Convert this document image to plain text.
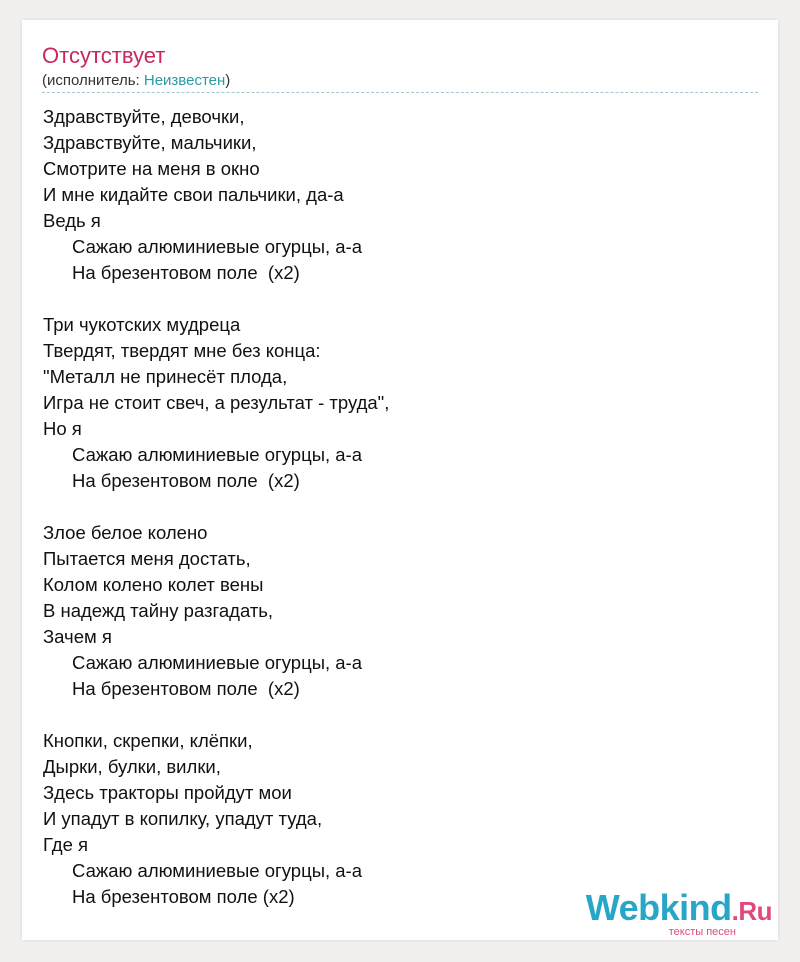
Отсутствует
(исполнитель: Неизвестен)
Здравствуйте, девочки,
Здравствуйте, мальчики,
Смотрите на меня в окно
И мне кидайте свои пальчики, да-а
Ведь я
Сажаю алюминиевые огурцы, а-а
На брезентовом поле  (x2)
Три чукотских мудреца
Твердят, твердят мне без конца:
"Металл не принесёт плода,
Игра не стоит свеч, а результат - труда",
Но я
Сажаю алюминиевые огурцы, а-а
На брезентовом поле  (x2)
Злое белое колено
Пытается меня достать,
Колом колено колет вены
В надежд тайну разгадать,
Зачем я
Сажаю алюминиевые огурцы, а-а
На брезентовом поле  (x2)
Кнопки, скрепки, клёпки,
Дырки, булки, вилки,
Здесь тракторы пройдут мои
И упадут в копилку, упадут туда,
Где я
Сажаю алюминиевые огурцы, а-а
На брезентовом поле (x2)	Webkind.Ru
тексты песен
